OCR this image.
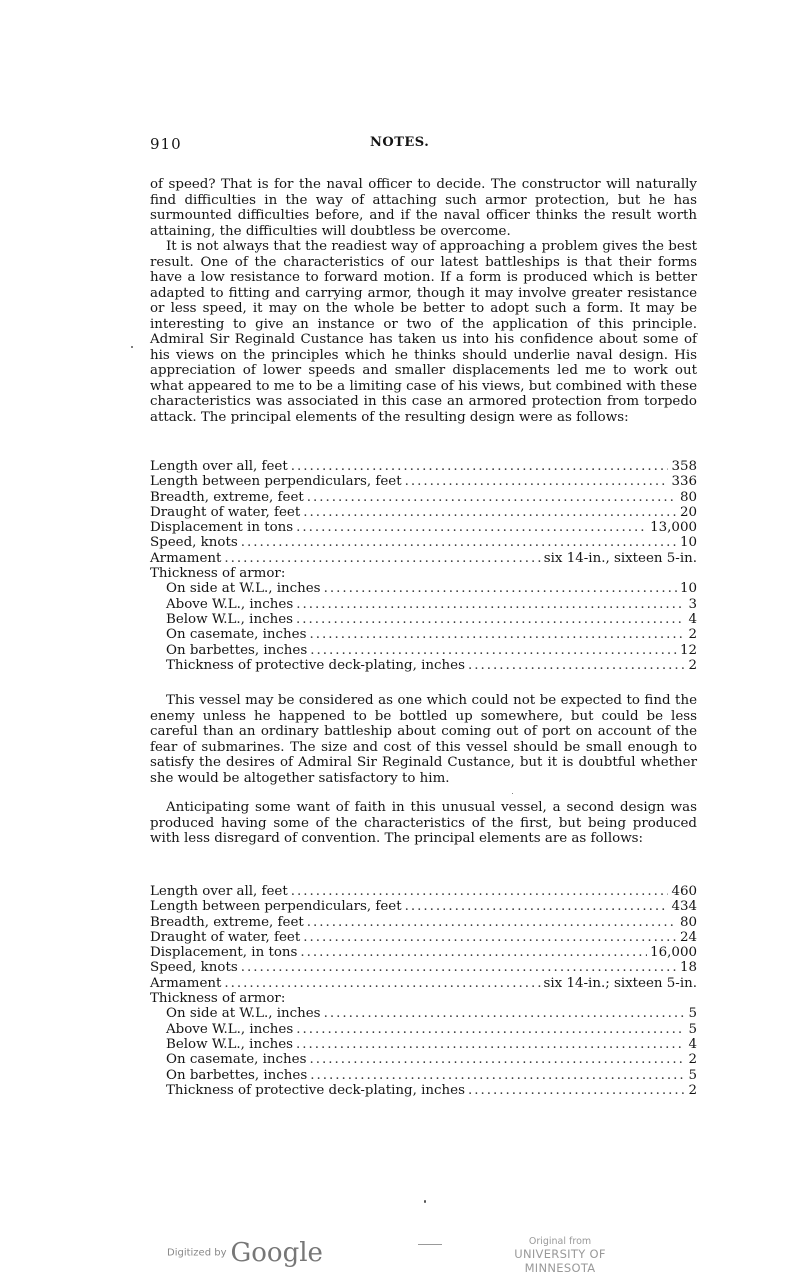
910	NOTES.

of speed? That is for the naval officer to decide. The constructor will naturally find difficulties in the way of attaching such armor protection, but he has surmounted difficulties before, and if the naval officer thinks the result worth attaining, the difficulties will doubtless be overcome.

It is not always that the readiest way of approaching a problem gives the best result. One of the characteristics of our latest battleships is that their forms have a low resistance to forward motion. If a form is produced which is better adapted to fitting and carrying armor, though it may involve greater resistance or less speed, it may on the whole be better to adopt such a form. It may be interesting to give an instance or two of the application of this principle. Admiral Sir Reginald Custance has taken us into his confidence about some of his views on the principles which he thinks should underlie naval design. His appreciation of lower speeds and smaller displacements led me to work out what appeared to me to be a limiting case of his views, but combined with these characteristics was associated in this case an armored protection from torpedo attack. The principal elements of the resulting design were as follows:

Length over all, feet .....	358
Length between perpendiculars, feet .....	336
Breadth, extreme, feet .....	80
Draught of water, feet .....	20
Displacement in tons .....	13,000
Speed, knots .....	10
Armament .....	six 14-in., sixteen 5-in.
Thickness of armor:
On side at W.L., inches .....	10
Above W.L., inches .....	3
Below W.L., inches .....	4
On casemate, inches .....	2
On barbettes, inches .....	12
Thickness of protective deck-plating, inches .....	2

This vessel may be considered as one which could not be expected to find the enemy unless he happened to be bottled up somewhere, but could be less careful than an ordinary battleship about coming out of port on account of the fear of submarines. The size and cost of this vessel should be small enough to satisfy the desires of Admiral Sir Reginald Custance, but it is doubtful whether she would be altogether satisfactory to him.

Anticipating some want of faith in this unusual vessel, a second design was produced having some of the characteristics of the first, but being produced with less disregard of convention. The principal elements are as follows:

Length over all, feet .....	460
Length between perpendiculars, feet .....	434
Breadth, extreme, feet .....	80
Draught of water, feet .....	24
Displacement, in tons .....	16,000
Speed, knots .....	18
Armament .....	six 14-in.; sixteen 5-in.
Thickness of armor:
On side at W.L., inches .....	5
Above W.L., inches .....	5
Below W.L., inches .....	4
On casemate, inches .....	2
On barbettes, inches .....	5
Thickness of protective deck-plating, inches .....	2
Digitized by Google	Original from
UNIVERSITY OF MINNESOTA
